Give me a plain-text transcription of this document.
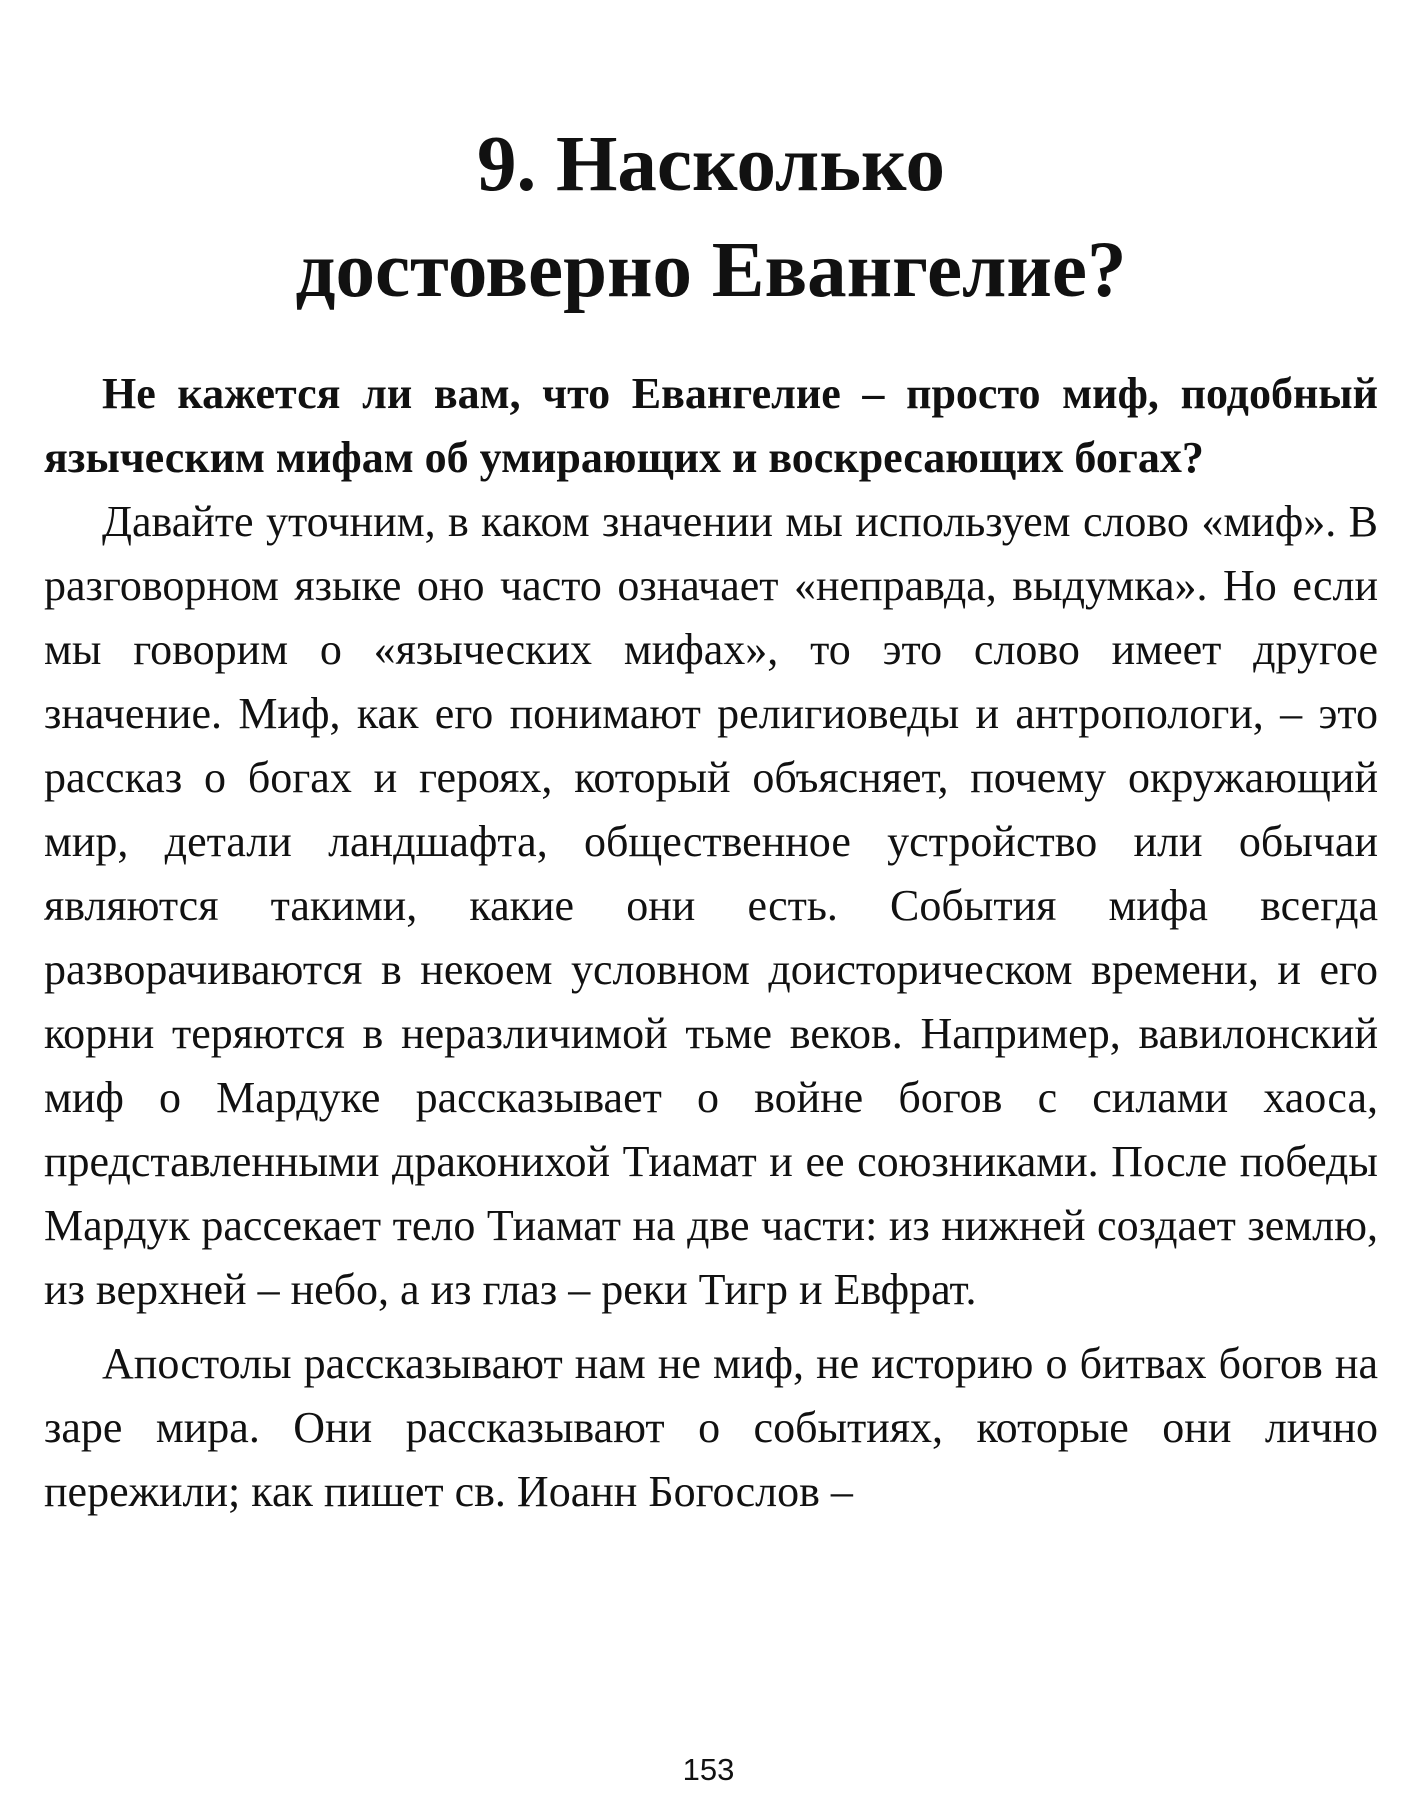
9. Насколько
достоверно Евангелие?

Не кажется ли вам, что Евангелие – просто миф, подобный языческим мифам об умирающих и воскресающих богах?

Давайте уточним, в каком значении мы используем слово «миф». В разговорном языке оно часто означает «неправда, выдумка». Но если мы говорим о «языческих мифах», то это слово имеет другое значение. Миф, как его понимают религиоведы и антропологи, – это рассказ о богах и героях, который объясняет, почему окружающий мир, детали ландшафта, общественное устройство или обычаи являются такими, какие они есть. События мифа всегда разворачиваются в некоем условном доисторическом времени, и его корни теряются в неразличимой тьме веков. Например, вавилонский миф о Мардуке рассказывает о войне богов с силами хаоса, представленными драконихой Тиамат и ее союзниками. После победы Мардук рассекает тело Тиамат на две части: из нижней создает землю, из верхней – небо, а из глаз – реки Тигр и Евфрат.

Апостолы рассказывают нам не миф, не историю о битвах богов на заре мира. Они рассказывают о событиях, которые они лично пережили; как пишет св. Иоанн Богослов –

153
